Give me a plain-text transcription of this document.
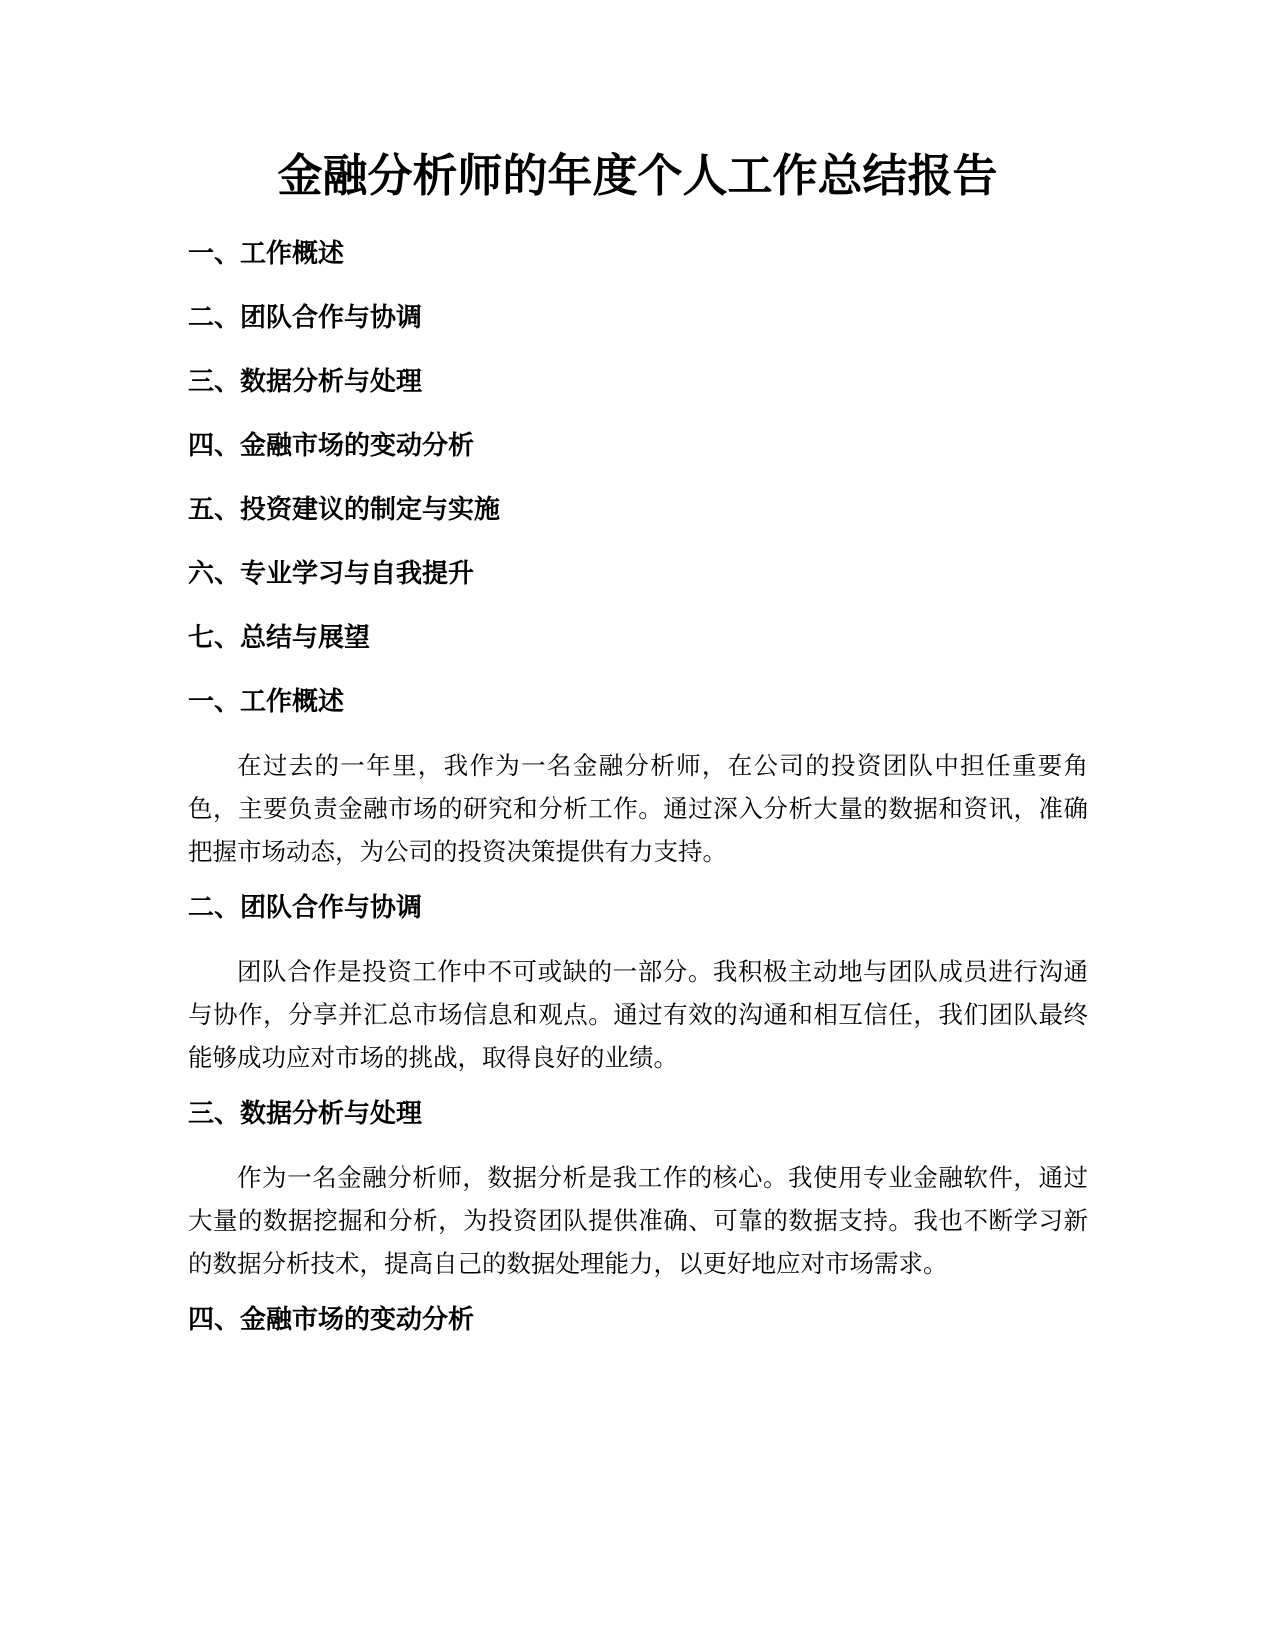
金融分析师的年度个人工作总结报告
一、工作概述
二、团队合作与协调
三、数据分析与处理
四、金融市场的变动分析
五、投资建议的制定与实施
六、专业学习与自我提升
七、总结与展望
一、工作概述

在过去的一年里，我作为一名金融分析师，在公司的投资团队中担任重要角色，主要负责金融市场的研究和分析工作。通过深入分析大量的数据和资讯，准确把握市场动态，为公司的投资决策提供有力支持。

二、团队合作与协调

团队合作是投资工作中不可或缺的一部分。我积极主动地与团队成员进行沟通与协作，分享并汇总市场信息和观点。通过有效的沟通和相互信任，我们团队最终能够成功应对市场的挑战，取得良好的业绩。

三、数据分析与处理

作为一名金融分析师，数据分析是我工作的核心。我使用专业金融软件，通过大量的数据挖掘和分析，为投资团队提供准确、可靠的数据支持。我也不断学习新的数据分析技术，提高自己的数据处理能力，以更好地应对市场需求。

四、金融市场的变动分析
